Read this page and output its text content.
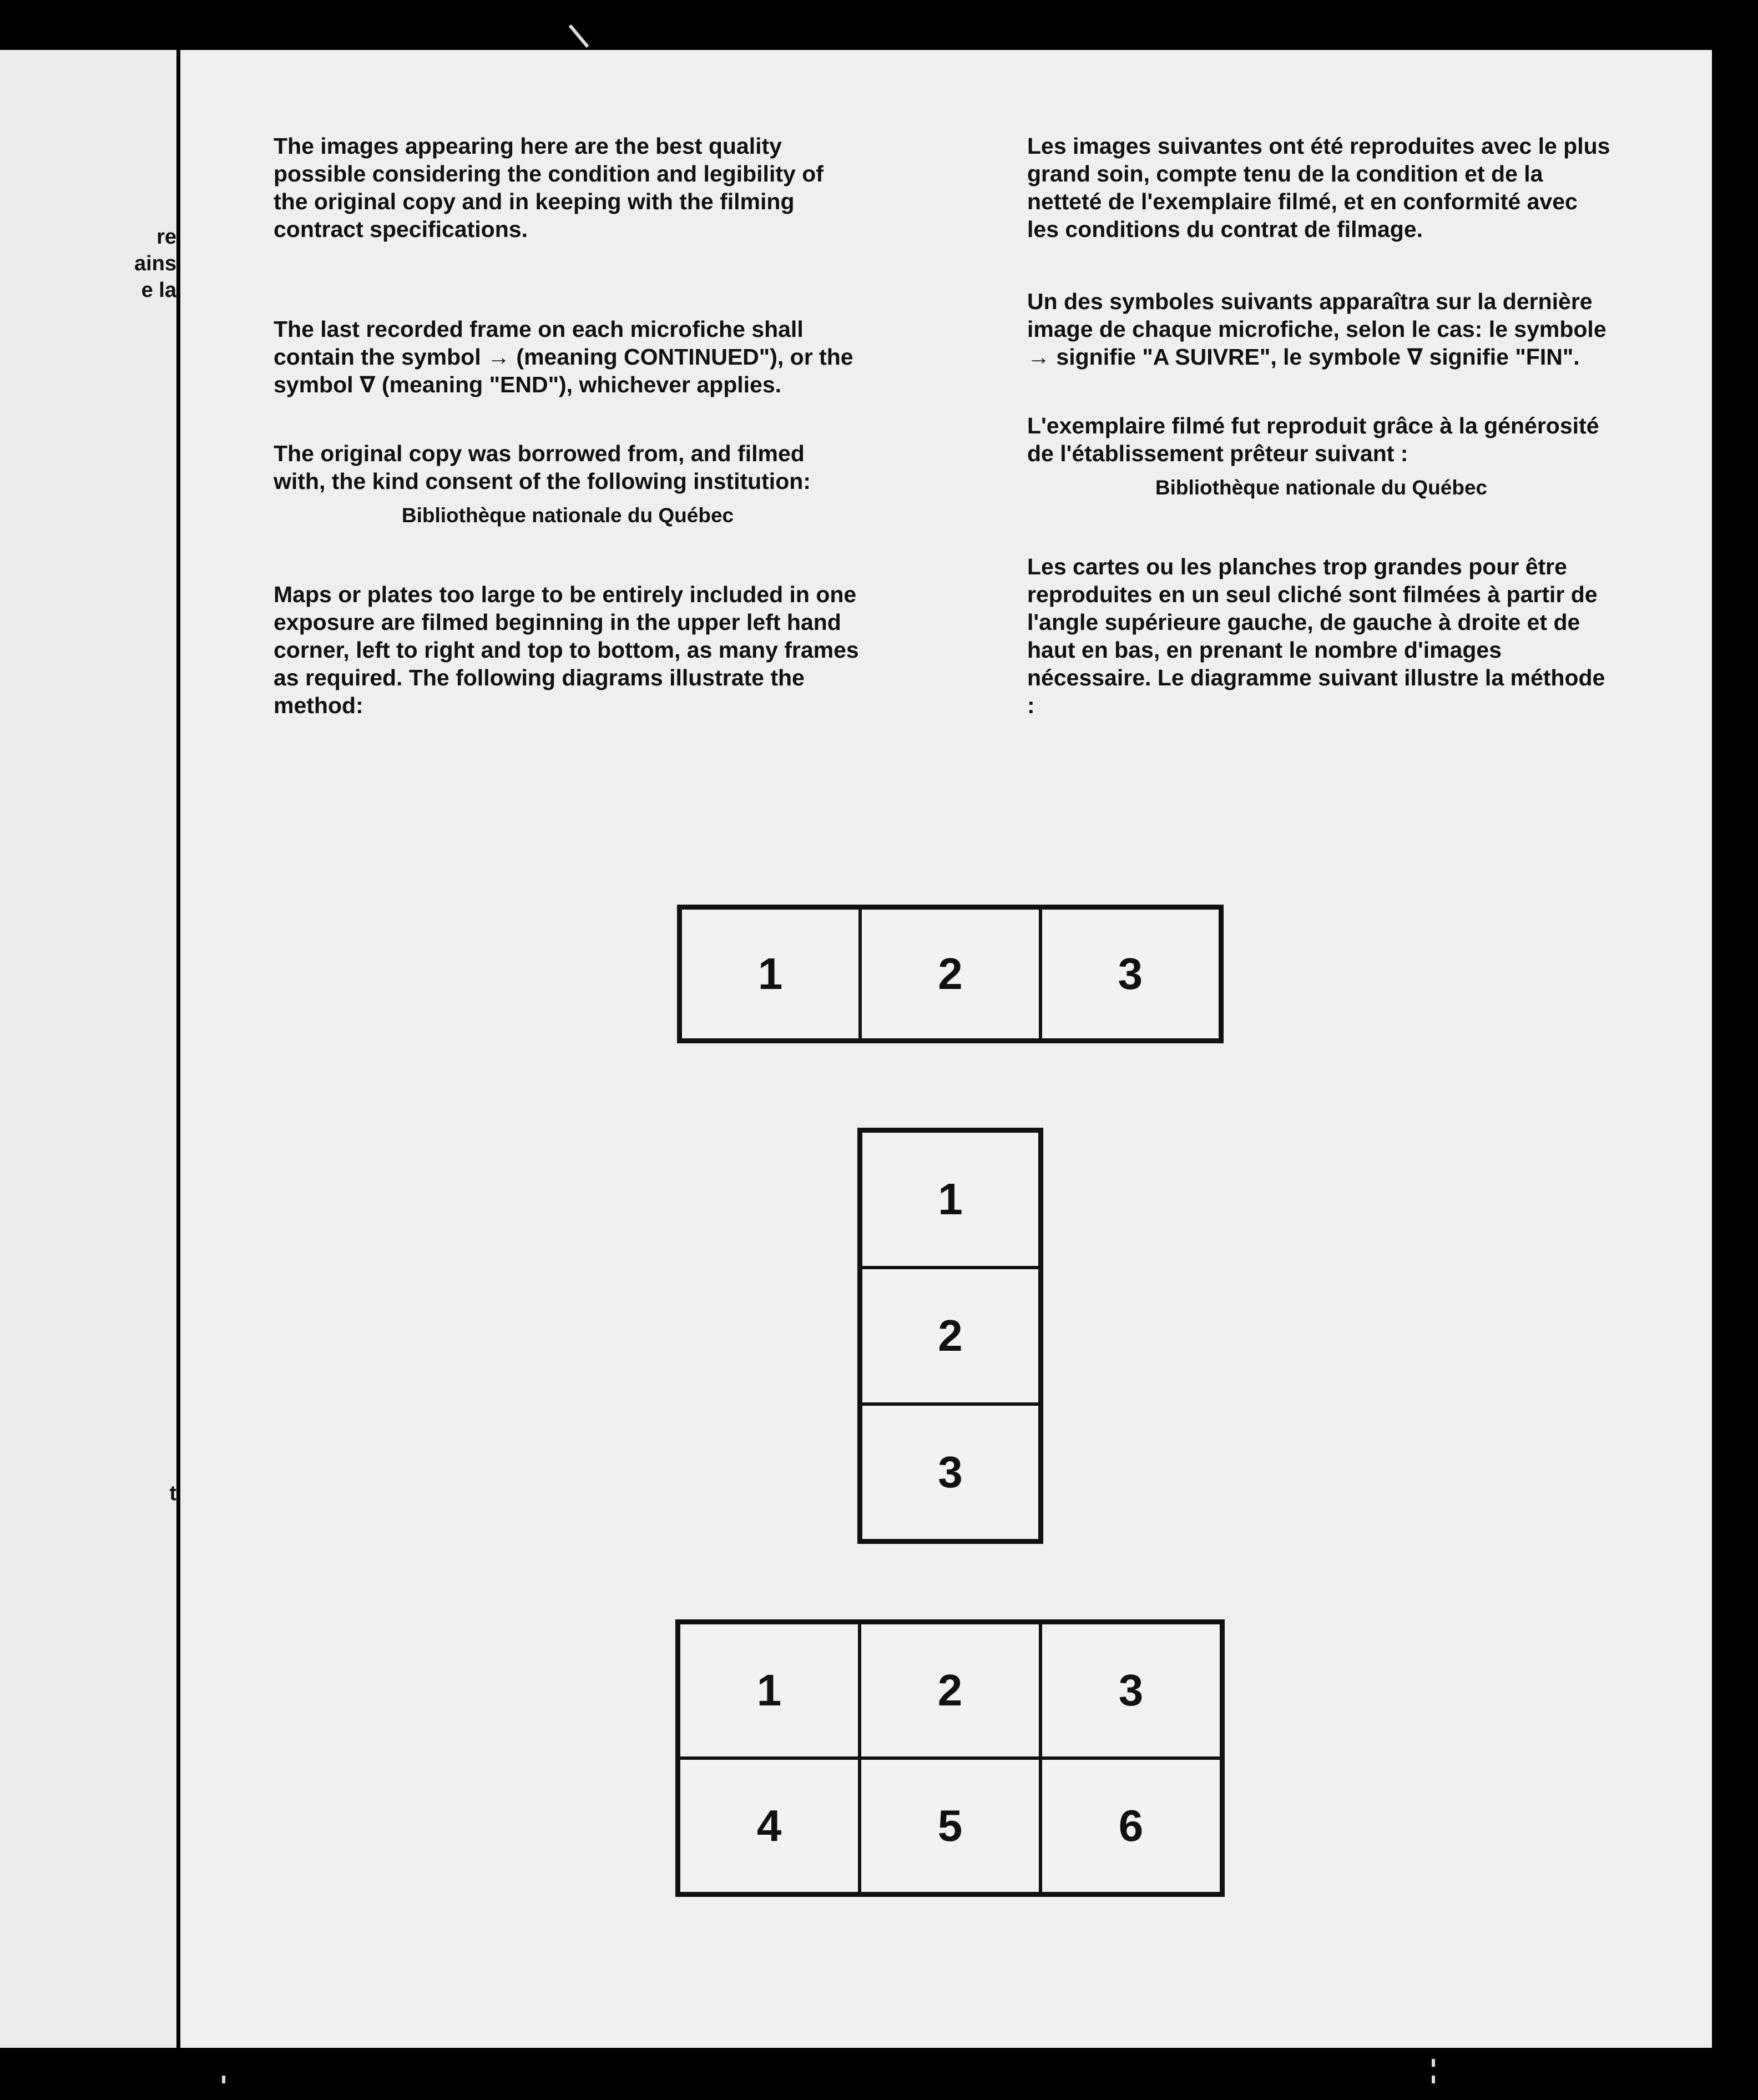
re
ains
e la
t

The images appearing here are the best quality possible considering the condition and legibility of the original copy and in keeping with the filming contract specifications.

The last recorded frame on each microfiche shall contain the symbol → (meaning CONTINUED"), or the symbol ∇ (meaning "END"), whichever applies.

The original copy was borrowed from, and filmed with, the kind consent of the following institution:

Bibliothèque nationale du Québec

Maps or plates too large to be entirely included in one exposure are filmed beginning in the upper left hand corner, left to right and top to bottom, as many frames as required. The following diagrams illustrate the method:

Les images suivantes ont été reproduites avec le plus grand soin, compte tenu de la condition et de la netteté de l'exemplaire filmé, et en conformité avec les conditions du contrat de filmage.

Un des symboles suivants apparaîtra sur la dernière image de chaque microfiche, selon le cas: le symbole → signifie "A SUIVRE", le symbole ∇ signifie "FIN".

L'exemplaire filmé fut reproduit grâce à la générosité de l'établissement prêteur suivant :

Bibliothèque nationale du Québec

Les cartes ou les planches trop grandes pour être reproduites en un seul cliché sont filmées à partir de l'angle supérieure gauche, de gauche à droite et de haut en bas, en prenant le nombre d'images nécessaire. Le diagramme suivant illustre la méthode :

1	2	3
1
2
3
1	2	3
4	5	6
